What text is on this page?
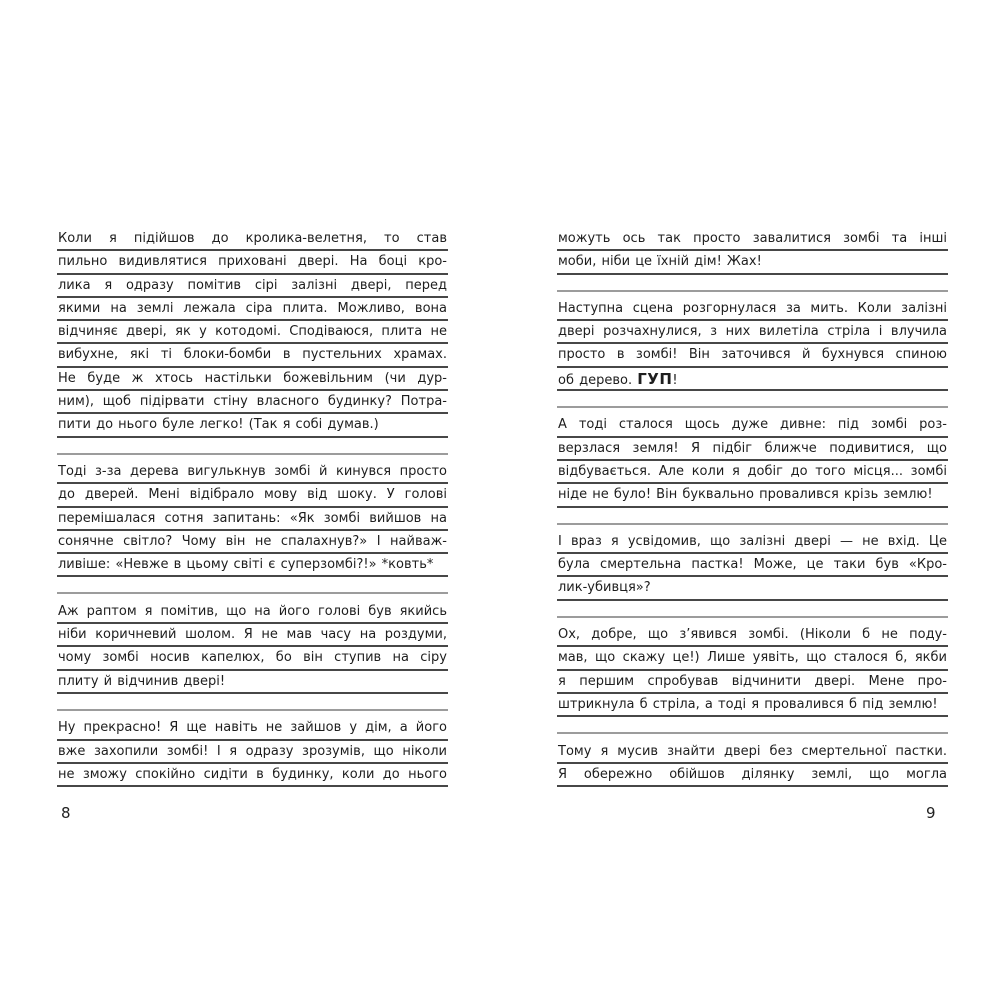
Коли я підійшов до кролика-велетня, то став
пильно видивлятися приховані двері. На боці кро-
лика я одразу помітив сірі залізні двері, перед
якими на землі лежала сіра плита. Можливо, вона
відчиняє двері, як у котодомі. Сподіваюся, плита не
вибухне, які ті блоки-бомби в пустельних храмах.
Не буде ж хтось настільки божевільним (чи дур-
ним), щоб підірвати стіну власного будинку? Потра-
пити до нього буле легко! (Так я собі думав.)
Тоді з-за дерева вигулькнув зомбі й кинувся просто
до дверей. Мені відібрало мову від шоку. У голові
перемішалася сотня запитань: «Як зомбі вийшов на
сонячне світло? Чому він не спалахнув?» І найваж-
ливіше: «Невже в цьому світі є суперзомбі?!» *ковть*
Аж раптом я помітив, що на його голові був якийсь
ніби коричневий шолом. Я не мав часу на роздуми,
чому зомбі носив капелюх, бо він ступив на сіру
плиту й відчинив двері!
Ну прекрасно! Я ще навіть не зайшов у дім, а його
вже захопили зомбі! І я одразу зрозумів, що ніколи
не зможу спокійно сидіти в будинку, коли до нього
можуть ось так просто завалитися зомбі та інші
моби, ніби це їхній дім! Жах!
Наступна сцена розгорнулася за мить. Коли залізні
двері розчахнулися, з них вилетіла стріла і влучила
просто в зомбі! Він заточився й бухнувся спиною
об дерево. ГУП!
А тоді сталося щось дуже дивне: під зомбі роз-
верзлася земля! Я підбіг ближче подивитися, що
відбувається. Але коли я добіг до того місця... зомбі
ніде не було! Він буквально провалився крізь землю!
І враз я усвідомив, що залізні двері — не вхід. Це
була смертельна пастка! Може, це таки був «Кро-
лик-убивця»?
Ох, добре, що з’явився зомбі. (Ніколи б не поду-
мав, що скажу це!) Лише уявіть, що сталося б, якби
я першим спробував відчинити двері. Мене про-
штрикнула б стріла, а тоді я провалився б під землю!
Тому я мусив знайти двері без смертельної пастки.
Я обережно обійшов ділянку землі, що могла
8	9
